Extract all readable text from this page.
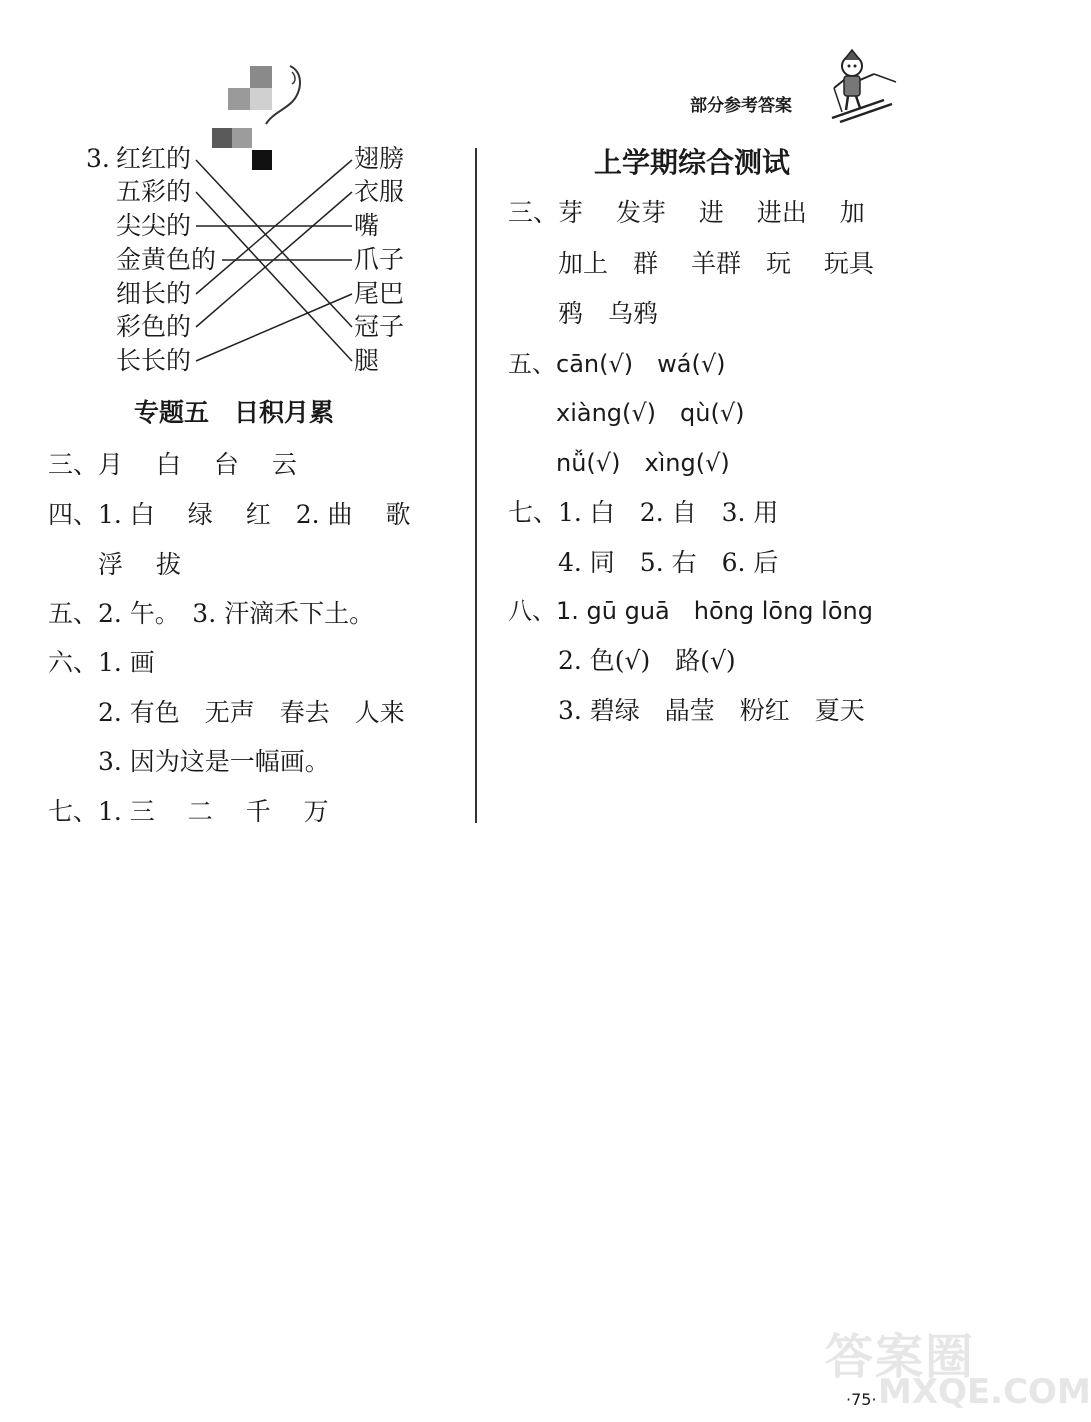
部分参考答案
3. 红红的
五彩的
尖尖的
金黄色的
细长的
彩色的
长长的
翅膀
衣服
嘴
爪子
尾巴
冠子
腿
专题五　日积月累
三、月　 白　 台　 云
四、1. 白　 绿　 红　2. 曲　 歌
　　浮　 拔
五、2. 午。　3. 汗滴禾下土。
六、1. 画
　　2. 有色　无声　春去　人来
　　3. 因为这是一幅画。
七、1. 三　 二　 千　 万
上学期综合测试
三、芽　 发芽　 进　 进出　 加
　　加上　群　 羊群　玩　 玩具
　　鸦　乌鸦
五、cān(√)　wá(√)
　　xiàng(√)　qù(√)
　　nǚ(√)　xìng(√)
七、1. 白　2. 自　3. 用
　　4. 同　5. 右　6. 后
八、1. gū guā　hōng lōng lōng
　　2. 色(√)　路(√)
　　3. 碧绿　晶莹　粉红　夏天
答案圈
MXQE.COM
·75·
